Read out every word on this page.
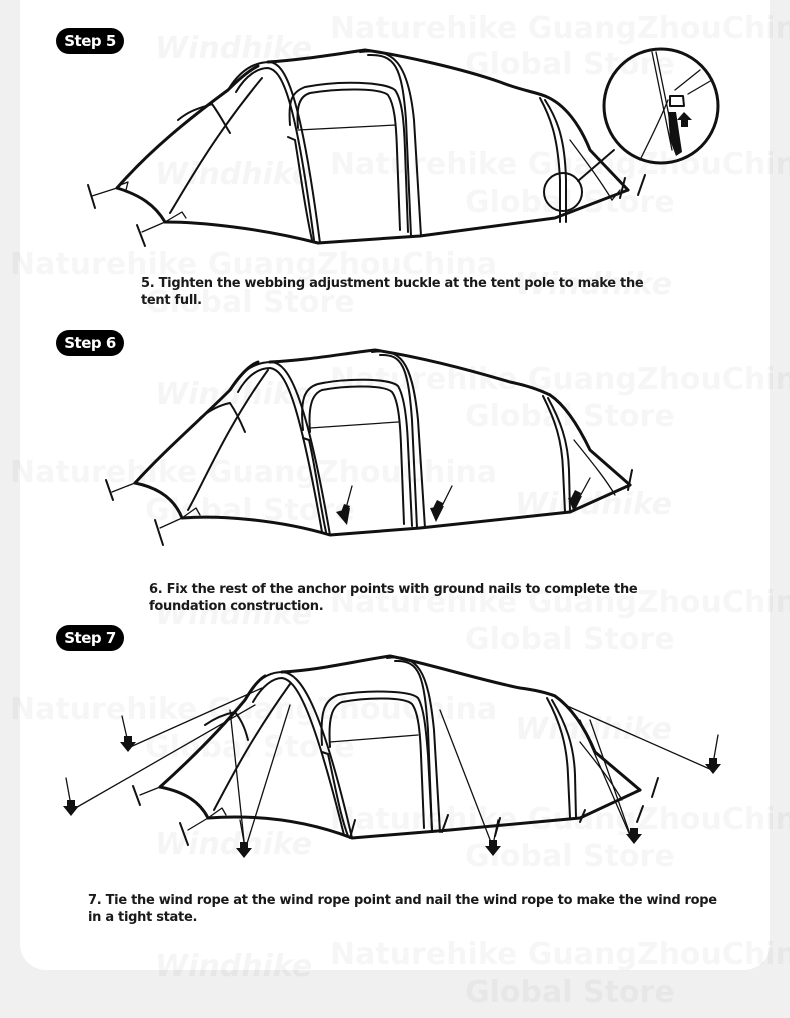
Step 5
5. Tighten the webbing adjustment buckle at the tent pole to make the
tent full.
Step 6
6. Fix the rest of the anchor points with ground nails to complete the
foundation construction.
Step 7
7. Tie the wind rope at the wind rope point and nail the wind rope to make the wind rope
in a tight state.
